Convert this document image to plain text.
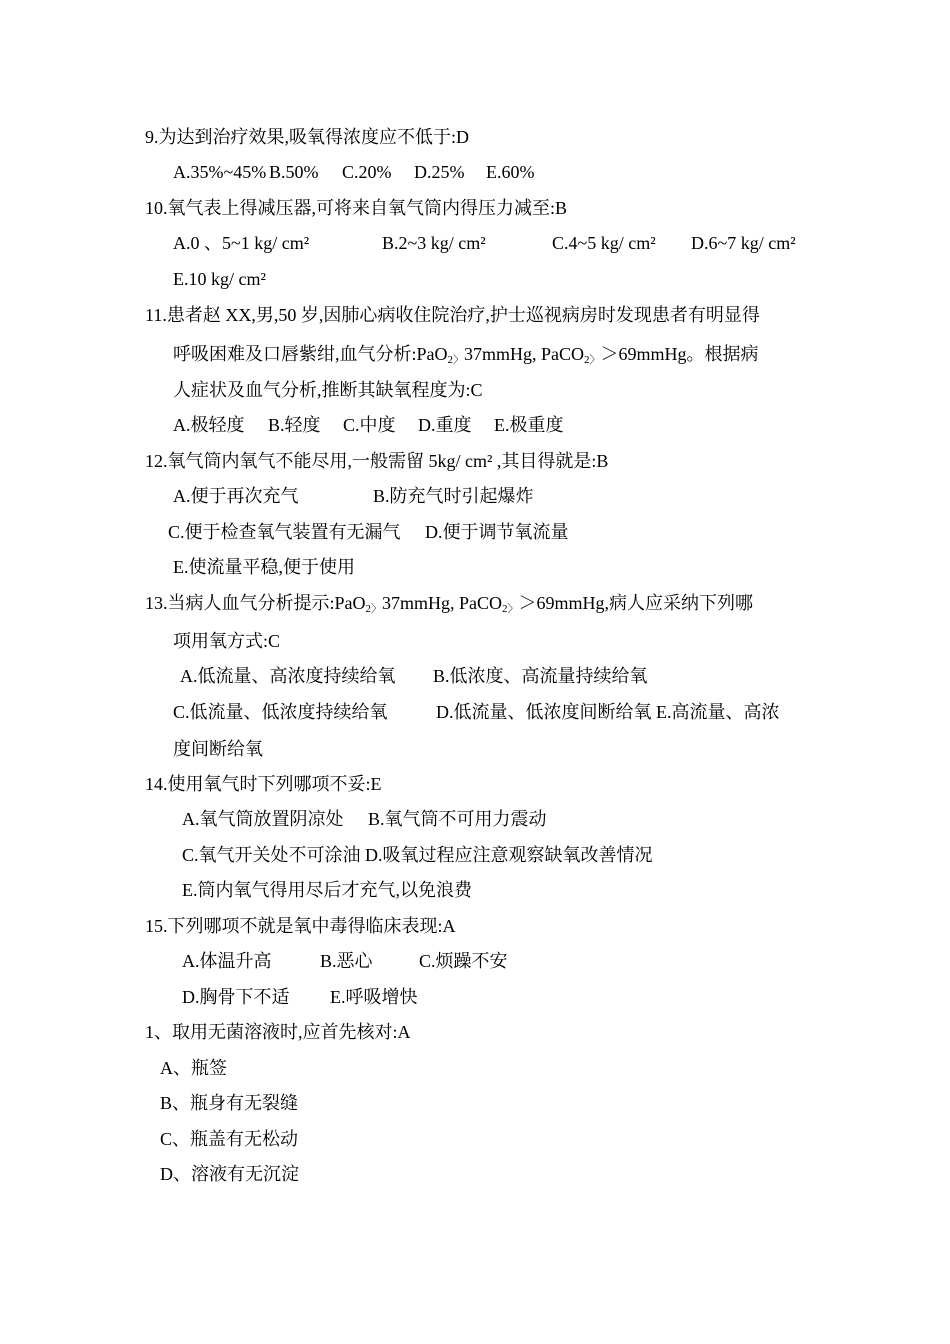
9.为达到治疗效果,吸氧得浓度应不低于:D
A.35%~45% B.50% C.20% D.25% E.60%
10.氧气表上得减压器,可将来自氧气筒内得压力减至:B
A.0 、5~1 kg/ cm²	B.2~3 kg/ cm²	C.4~5 kg/ cm² D.6~7 kg/ cm²
E.10 kg/ cm²
11.患者赵 XX,男,50 岁,因肺心病收住院治疗,护士巡视病房时发现患者有明显得
呼吸困难及口唇紫绀,血气分析:PaO$_{2〉}$37mmHg, PaCO$_{2〉}$＞69mmHg。根据病
人症状及血气分析,推断其缺氧程度为:C
A.极轻度 B.轻度 C.中度 D.重度 E.极重度
12.氧气筒内氧气不能尽用,一般需留 5kg/ cm² ,其目得就是:B
A.便于再次充气	B.防充气时引起爆炸
C.便于检查氧气装置有无漏气 D.便于调节氧流量
E.使流量平稳,便于使用
13.当病人血气分析提示:PaO$_{2〉}$37mmHg, PaCO$_{2〉}$＞69mmHg,病人应采纳下列哪
项用氧方式:C
A.低流量、高浓度持续给氧 B.低浓度、高流量持续给氧
C.低流量、低浓度持续给氧	D.低流量、低浓度间断给氧 E.高流量、高浓
度间断给氧
14.使用氧气时下列哪项不妥:E
A.氧气筒放置阴凉处 B.氧气筒不可用力震动
C.氧气开关处不可涂油 D.吸氧过程应注意观察缺氧改善情况
E.筒内氧气得用尽后才充气,以免浪费
15.下列哪项不就是氧中毒得临床表现:A
A.体温升高	B.恶心	C.烦躁不安
D.胸骨下不适 E.呼吸增快
1、取用无菌溶液时,应首先核对:A
A、瓶签
B、瓶身有无裂缝
C、瓶盖有无松动
D、溶液有无沉淀
